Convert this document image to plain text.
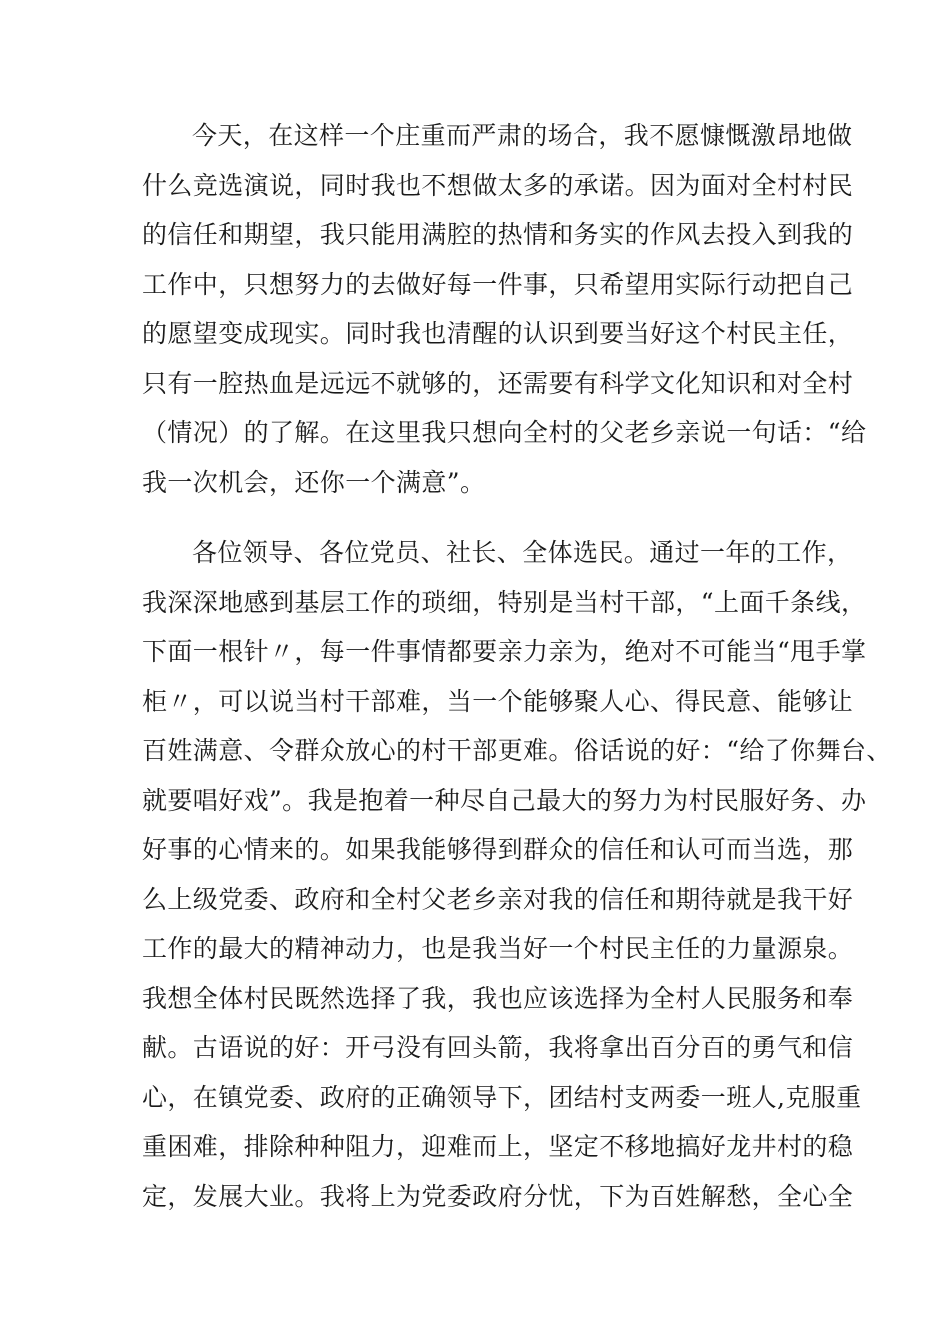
今天，在这样一个庄重而严肃的场合，我不愿慷慨激昂地做
什么竞选演说，同时我也不想做太多的承诺。因为面对全村村民
的信任和期望，我只能用满腔的热情和务实的作风去投入到我的
工作中，只想努力的去做好每一件事，只希望用实际行动把自己
的愿望变成现实。同时我也清醒的认识到要当好这个村民主任，
只有一腔热血是远远不就够的，还需要有科学文化知识和对全村
（情况）的了解。在这里我只想向全村的父老乡亲说一句话：“给
我一次机会，还你一个满意”。
各位领导、各位党员、社长、全体选民。通过一年的工作，
我深深地感到基层工作的琐细，特别是当村干部，“上面千条线，
下面一根针〃，每一件事情都要亲力亲为，绝对不可能当“甩手掌
柜〃，可以说当村干部难，当一个能够聚人心、得民意、能够让
百姓满意、令群众放心的村干部更难。俗话说的好：“给了你舞台、
就要唱好戏”。我是抱着一种尽自己最大的努力为村民服好务、办
好事的心情来的。如果我能够得到群众的信任和认可而当选，那
么上级党委、政府和全村父老乡亲对我的信任和期待就是我干好
工作的最大的精神动力，也是我当好一个村民主任的力量源泉。
我想全体村民既然选择了我，我也应该选择为全村人民服务和奉
献。古语说的好：开弓没有回头箭，我将拿出百分百的勇气和信
心，在镇党委、政府的正确领导下，团结村支两委一班人,克服重
重困难，排除种种阻力，迎难而上，坚定不移地搞好龙井村的稳
定，发展大业。我将上为党委政府分忧，下为百姓解愁，全心全
